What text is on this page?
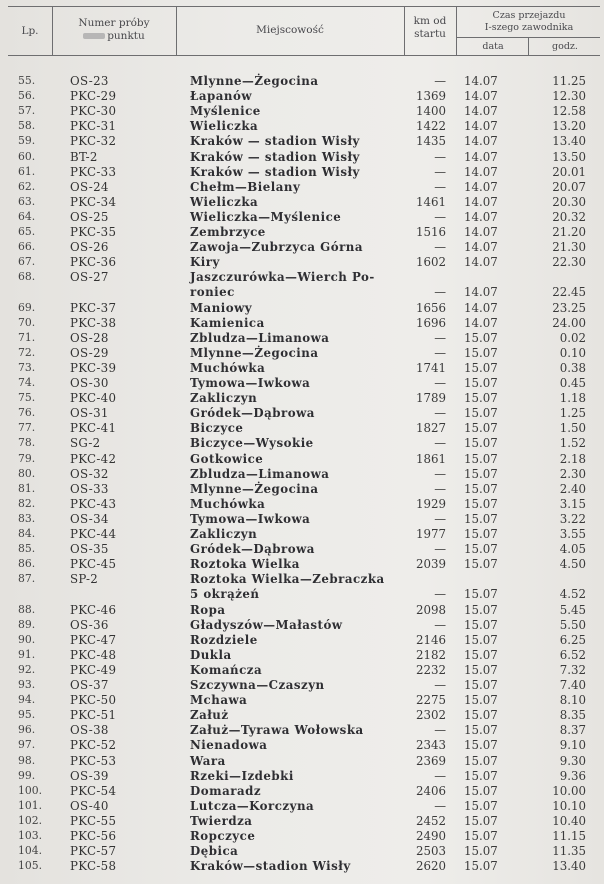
Lp.
Numer próby
punktu	Miejscowość
km od
startu
Czas przejazdu
I-szego zawodnika
data	godz.
55.	OS-23	Mlynne—Żegocina	— 14.07	11.25
56.	PKC-29	Łapanów	1369 14.07	12.30
57.	PKC-30	Myślenice	1400 14.07	12.58
58.	PKC-31	Wieliczka	1422 14.07	13.20
59.	PKC-32	Kraków — stadion Wisły	1435 14.07	13.40
60.	BT-2	Kraków — stadion Wisły	— 14.07	13.50
61.	PKC-33	Kraków — stadion Wisły	— 14.07	20.01
62.	OS-24	Chełm—Bielany	— 14.07	20.07
63.	PKC-34	Wieliczka	1461 14.07	20.30
64.	OS-25	Wieliczka—Myślenice	— 14.07	20.32
65.	PKC-35	Zembrzyce	1516 14.07	21.20
66.	OS-26	Zawoja—Zubrzyca Górna	— 14.07	21.30
67.	PKC-36	Kiry	1602 14.07	22.30
68.	OS-27	Jaszczurówka—Wierch Po-
roniec	— 14.07	22.45
69.	PKC-37	Maniowy	1656 14.07	23.25
70.	PKC-38	Kamienica	1696 14.07	24.00
71.	OS-28	Zbludza—Limanowa	— 15.07	0.02
72.	OS-29	Mlynne—Żegocina	— 15.07	0.10
73.	PKC-39	Muchówka	1741 15.07	0.38
74.	OS-30	Tymowa—Iwkowa	— 15.07	0.45
75.	PKC-40	Zakliczyn	1789 15.07	1.18
76.	OS-31	Gródek—Dąbrowa	— 15.07	1.25
77.	PKC-41	Biczyce	1827 15.07	1.50
78.	SG-2	Biczyce—Wysokie	— 15.07	1.52
79.	PKC-42	Gotkowice	1861 15.07	2.18
80.	OS-32	Zbludza—Limanowa	— 15.07	2.30
81.	OS-33	Mlynne—Żegocina	— 15.07	2.40
82.	PKC-43	Muchówka	1929 15.07	3.15
83.	OS-34	Tymowa—Iwkowa	— 15.07	3.22
84.	PKC-44	Zakliczyn	1977 15.07	3.55
85.	OS-35	Gródek—Dąbrowa	— 15.07	4.05
86.	PKC-45	Roztoka Wielka	2039 15.07	4.50
87.	SP-2	Roztoka Wielka—Zebraczka
5 okrążeń	— 15.07	4.52
88.	PKC-46	Ropa	2098 15.07	5.45
89.	OS-36	Gładyszów—Małastów	— 15.07	5.50
90.	PKC-47	Rozdziele	2146 15.07	6.25
91.	PKC-48	Dukla	2182 15.07	6.52
92.	PKC-49	Komańcza	2232 15.07	7.32
93.	OS-37	Szczywna—Czaszyn	— 15.07	7.40
94.	PKC-50	Mchawa	2275 15.07	8.10
95.	PKC-51	Załuż	2302 15.07	8.35
96.	OS-38	Załuż—Tyrawa Wołowska	— 15.07	8.37
97.	PKC-52	Nienadowa	2343 15.07	9.10
98.	PKC-53	Wara	2369 15.07	9.30
99.	OS-39	Rzeki—Izdebki	— 15.07	9.36
100.	PKC-54	Domaradz	2406 15.07	10.00
101.	OS-40	Lutcza—Korczyna	— 15.07	10.10
102.	PKC-55	Twierdza	2452 15.07	10.40
103.	PKC-56	Ropczyce	2490 15.07	11.15
104.	PKC-57	Dębica	2503 15.07	11.35
105.	PKC-58	Kraków—stadion Wisły	2620 15.07	13.40
